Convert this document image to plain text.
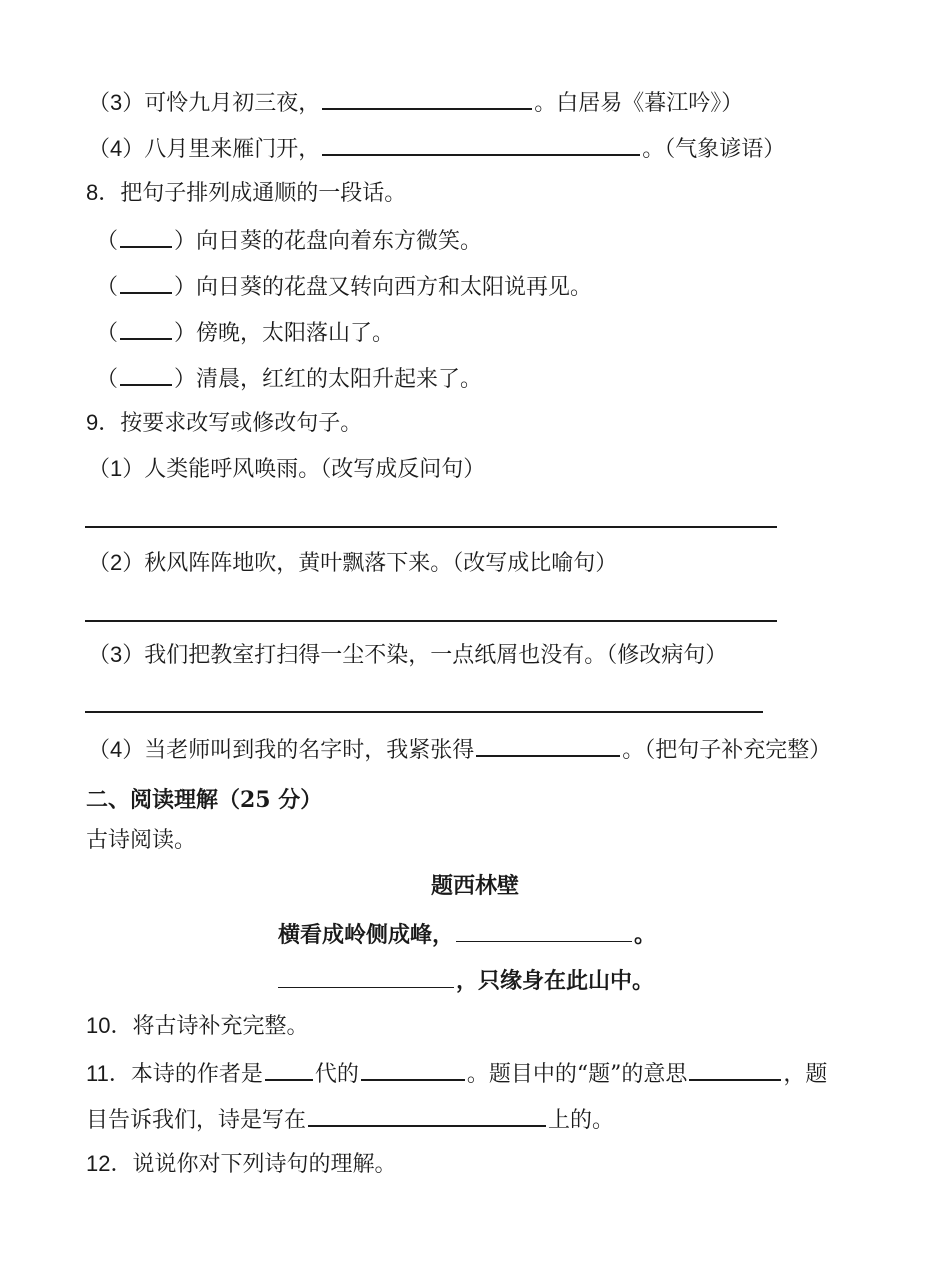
（3）可怜九月初三夜，	。白居易《暮江吟》）
（4）八月里来雁门开，	。（气象谚语）
8．把句子排列成通顺的一段话。
（	）向日葵的花盘向着东方微笑。
（	）向日葵的花盘又转向西方和太阳说再见。
（	）傍晚，太阳落山了。
（	）清晨，红红的太阳升起来了。
9．按要求改写或修改句子。
（1）人类能呼风唤雨。（改写成反问句）
（2）秋风阵阵地吹，黄叶飘落下来。（改写成比喻句）
（3）我们把教室打扫得一尘不染，一点纸屑也没有。（修改病句）
（4）当老师叫到我的名字时，我紧张得	。（把句子补充完整）
二、阅读理解（25 分）
古诗阅读。
题西林壁
横看成岭侧成峰，	。
，只缘身在此山中。
10．将古诗补充完整。
11．本诗的作者是 代的	。题目中的“题”的意思	，题
目告诉我们，诗是写在	上的。
12．说说你对下列诗句的理解。
